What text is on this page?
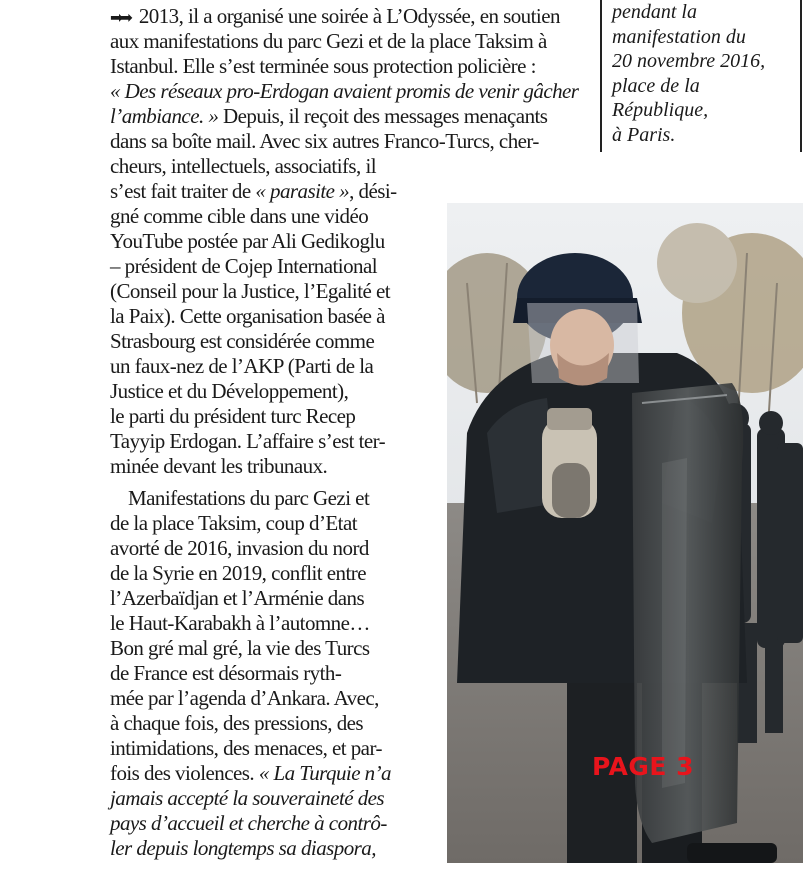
pendant la
manifestation du
20 novembre 2016,
place de la
République,
à Paris.
➡➡ 2013, il a organisé une soirée à L’Odyssée, en soutien
aux manifestations du parc Gezi et de la place Taksim à
Istanbul. Elle s’est terminée sous protection policière :
« Des réseaux pro-Erdogan avaient promis de venir gâcher
l’ambiance. » Depuis, il reçoit des messages menaçants
dans sa boîte mail. Avec six autres Franco-Turcs, cher-
cheurs, intellectuels, associatifs, il
s’est fait traiter de « parasite », dési-
gné comme cible dans une vidéo
YouTube postée par Ali Gedikoglu
– président de Cojep International
(Conseil pour la Justice, l’Egalité et
la Paix). Cette organisation basée à
Strasbourg est considérée comme
un faux-nez de l’AKP (Parti de la
Justice et du Développement),
le parti du président turc Recep
Tayyip Erdogan. L’affaire s’est ter-
minée devant les tribunaux.
Manifestations du parc Gezi et
de la place Taksim, coup d’Etat
avorté de 2016, invasion du nord
de la Syrie en 2019, conflit entre
l’Azerbaïdjan et l’Arménie dans
le Haut-Karabakh à l’automne…
Bon gré mal gré, la vie des Turcs
de France est désormais ryth-
mée par l’agenda d’Ankara. Avec,
à chaque fois, des pressions, des
intimidations, des menaces, et par-
fois des violences. « La Turquie n’a
jamais accepté la souveraineté des
pays d’accueil et cherche à contrô-
ler depuis longtemps sa diaspora,
PAGE 3
